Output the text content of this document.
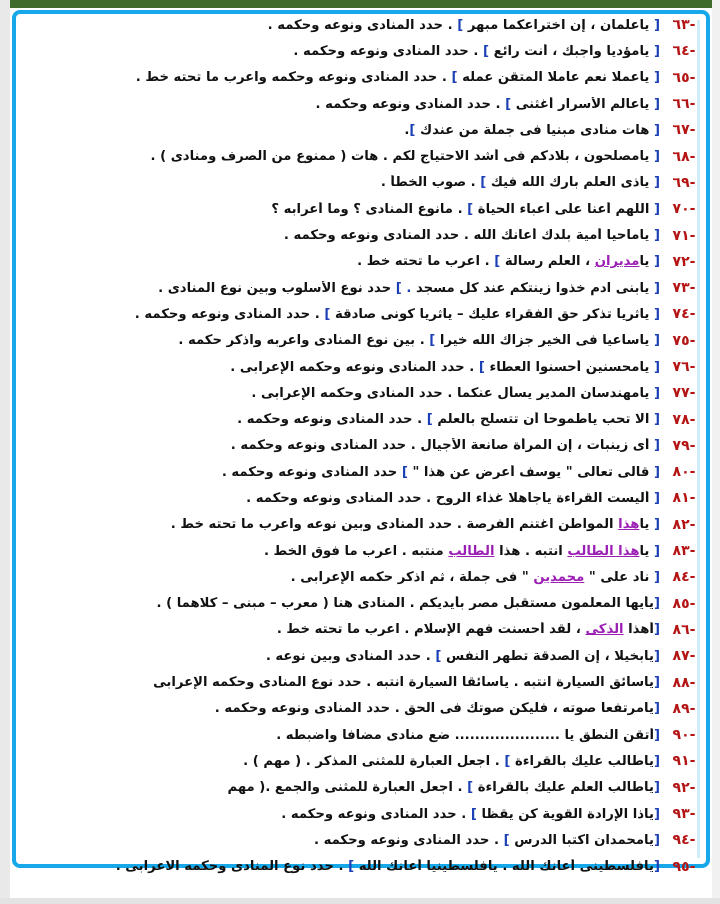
-٦٣
[ ياعلمان ، إن اختراعكما مبهر ] . حدد المنادى ونوعه وحكمه .
-٦٤
[ يامؤديا واجبك ، أنت رائع ] . حدد المنادى ونوعه وحكمه .
-٦٥
[ ياعملا نعم عاملا المتقن عمله ] . حدد المنادى ونوعه وحكمه واعرب ما تحته خط .
-٦٦
[ ياعالم الأسرار أغثنى ] . حدد المنادى ونوعه وحكمه .
-٦٧
[ هات منادى مبنيا فى جملة من عندك ].
-٦٨
[ يامصلحون ، بلادكم فى أشد الاحتياج لكم . هات ( ممنوع من الصرف ومنادى ) .
-٦٩
[ ياذى العلم بارك الله فيك ] . صوب الخطأ .
-٧٠
[ اللهم أعنا على أعباء الحياة ] . مانوع المنادى ؟ وما أعرابه ؟
-٧١
[ ياماحيا أمية بلدك أعانك الله . حدد المنادى ونوعه وحكمه .
-٧٢
[ يامديران ، العلم رسالة ] . اعرب ما تحته خط .
-٧٣
[ يابنى آدم خذوا زينتكم عند كل مسجد . ] حدد نوع الأسلوب وبين نوع المنادى .
-٧٤
[ ياثريا تذكر حق الفقراء عليك – ياثريا كونى صادقة ] . حدد المنادى ونوعه وحكمه .
-٧٥
[ ياساعيا فى الخير جزاك الله خيرا ] . بين نوع المنادى واعربه واذكر حكمه .
-٧٦
[ يامحسنين أحسنوا العطاء ] . حدد المنادى ونوعه وحكمه الإعرابى .
-٧٧
[ يامهندسان المدير يسأل عنكما . حدد المنادى وحكمه الإعرابى .
-٧٨
[ الا تحب ياطموحا أن تتسلح بالعلم ] . حدد المنادى ونوعه وحكمه .
-٧٩
[ أى زينبات ، إن المرأة صانعة الأجيال . حدد المنادى ونوعه وحكمه .
-٨٠
[ قالى تعالى " يوسف أعرض عن هذا " ] حدد المنادى ونوعه وحكمه .
-٨١
[ أليست القراءة ياجاهلا غذاء الروح . حدد المنادى ونوعه وحكمه .
-٨٢
[ ياهذا المواطن اغتنم الفرصة . حدد المنادى وبين نوعه واعرب ما تحته خط .
-٨٣
[ ياهذا الطالب انتبه . هذا الطالب منتبه . اعرب ما فوق الخط .
-٨٤
[ ناد على " محمدين " فى جملة ، ثم اذكر حكمه الإعرابى .
-٨٥
[يأيها المعلمون مستقبل مصر بأيديكم . المنادى هنا ( معرب – مبنى – كلاهما ) .
-٨٦
[أهذا الذكى ، لقد أحسنت فهم الإسلام . اعرب ما تحته خط .
-٨٧
[يابخيلا ، إن الصدقة تطهر النفس ] . حدد المنادى وبين نوعه .
-٨٨
[ياسائق السيارة انتبه . ياسائقا السيارة انتبه . حدد نوع المنادى وحكمه الإعرابى
-٨٩
[يامرتفعا صوته ، فليكن صوتك فى الحق . حدد المنادى ونوعه وحكمه .
-٩٠
[أتقن النطق يا ..................... ضع منادى مضافا واضبطه .
-٩١
[ياطالب عليك بالقراءة ] . اجعل العبارة للمثنى المذكر . ( مهم ) .
-٩٢
[ياطالب العلم عليك بالقراءة ] . اجعل العبارة للمثنى والجمع .( مهم
-٩٣
[ياذا الإرادة القوية كن يقظا ] . حدد المنادى ونوعه وحكمه .
-٩٤
[يامحمدان اكتبا الدرس ] . حدد المنادى ونوعه وحكمه .
-٩٥
[يافلسطينى أعانك الله . يافلسطينيا أعانك الله ] . حدد نوع المنادى وحكمه الاعرابى .
